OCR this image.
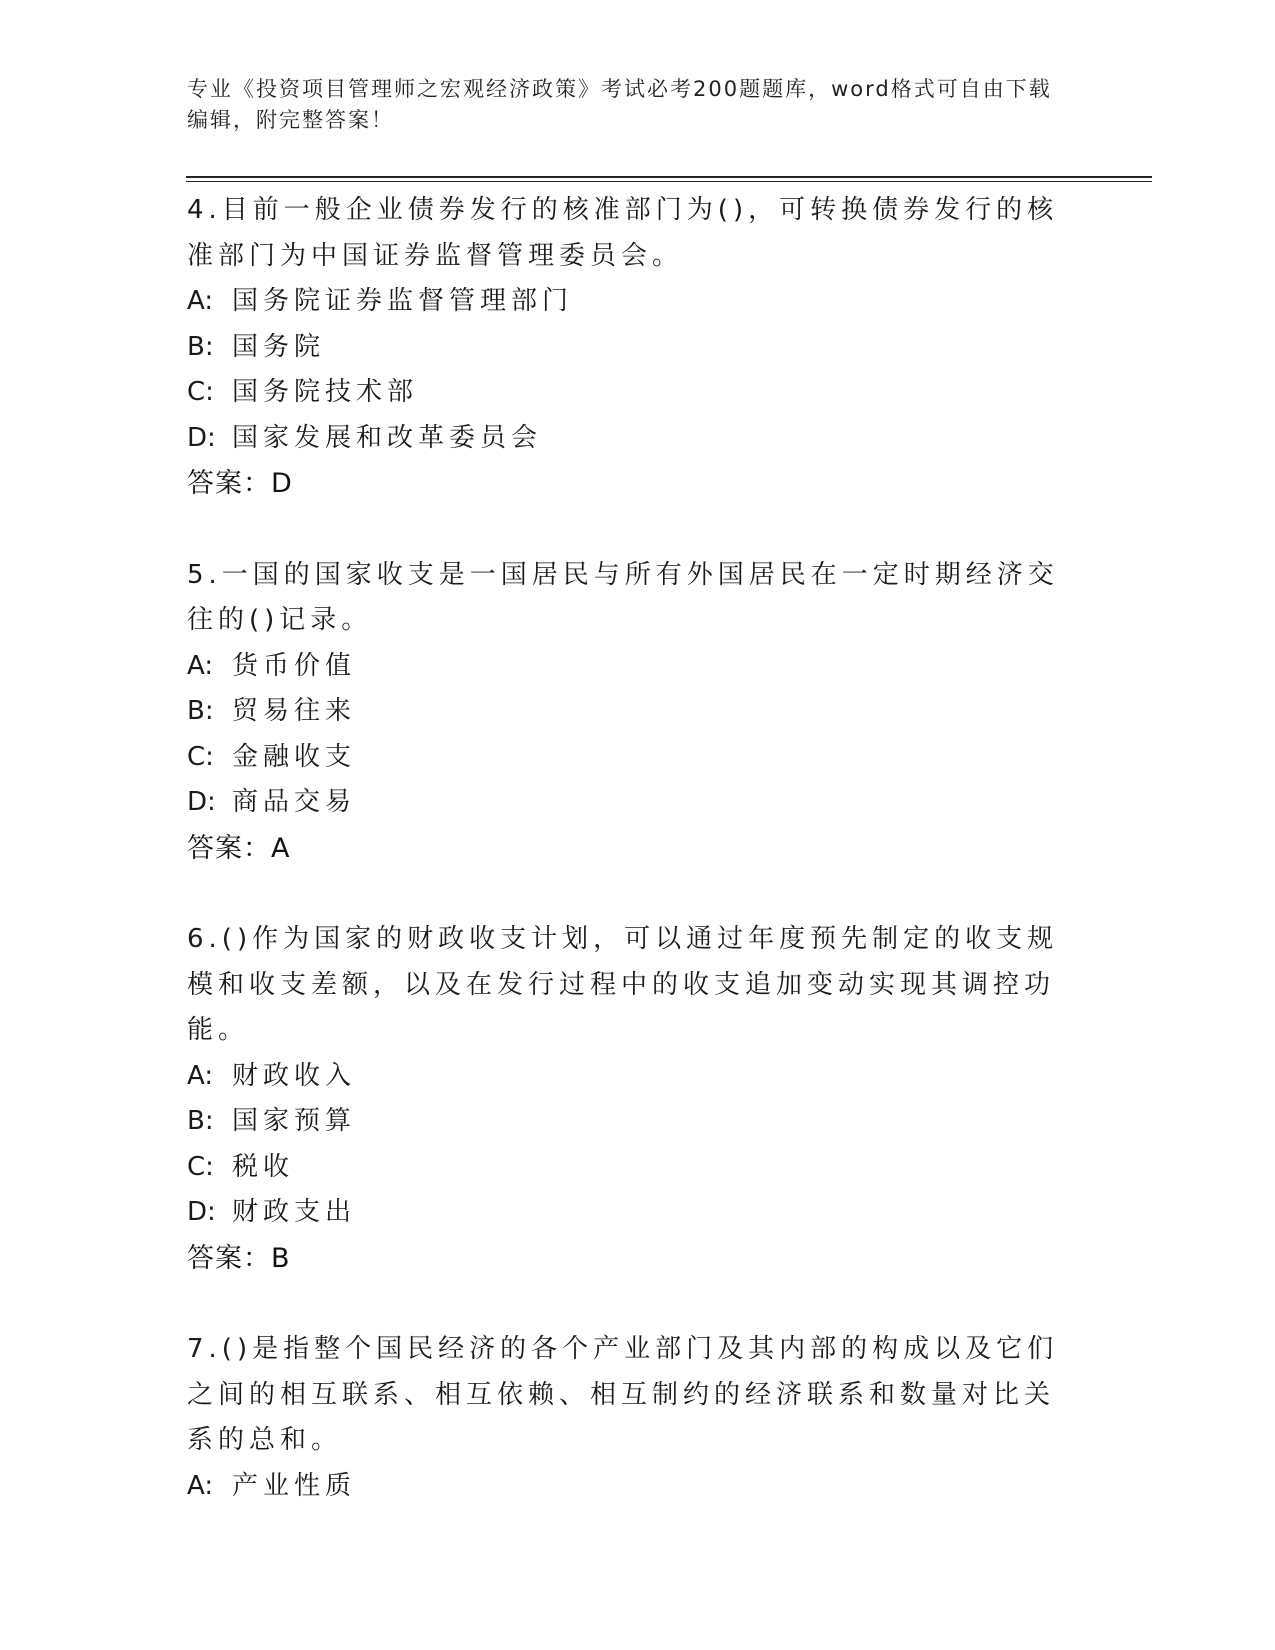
专业《投资项目管理师之宏观经济政策》考试必考200题题库，word格式可自由下载编辑，附完整答案！
4.目前一般企业债券发行的核准部门为()，可转换债券发行的核准部门为中国证券监督管理委员会。
A: 国务院证券监督管理部门
B: 国务院
C: 国务院技术部
D: 国家发展和改革委员会
答案：D
5.一国的国家收支是一国居民与所有外国居民在一定时期经济交往的()记录。
A: 货币价值
B: 贸易往来
C: 金融收支
D: 商品交易
答案：A
6.()作为国家的财政收支计划，可以通过年度预先制定的收支规模和收支差额，以及在发行过程中的收支追加变动实现其调控功能。
A: 财政收入
B: 国家预算
C: 税收
D: 财政支出
答案：B
7.()是指整个国民经济的各个产业部门及其内部的构成以及它们之间的相互联系、相互依赖、相互制约的经济联系和数量对比关系的总和。
A: 产业性质
